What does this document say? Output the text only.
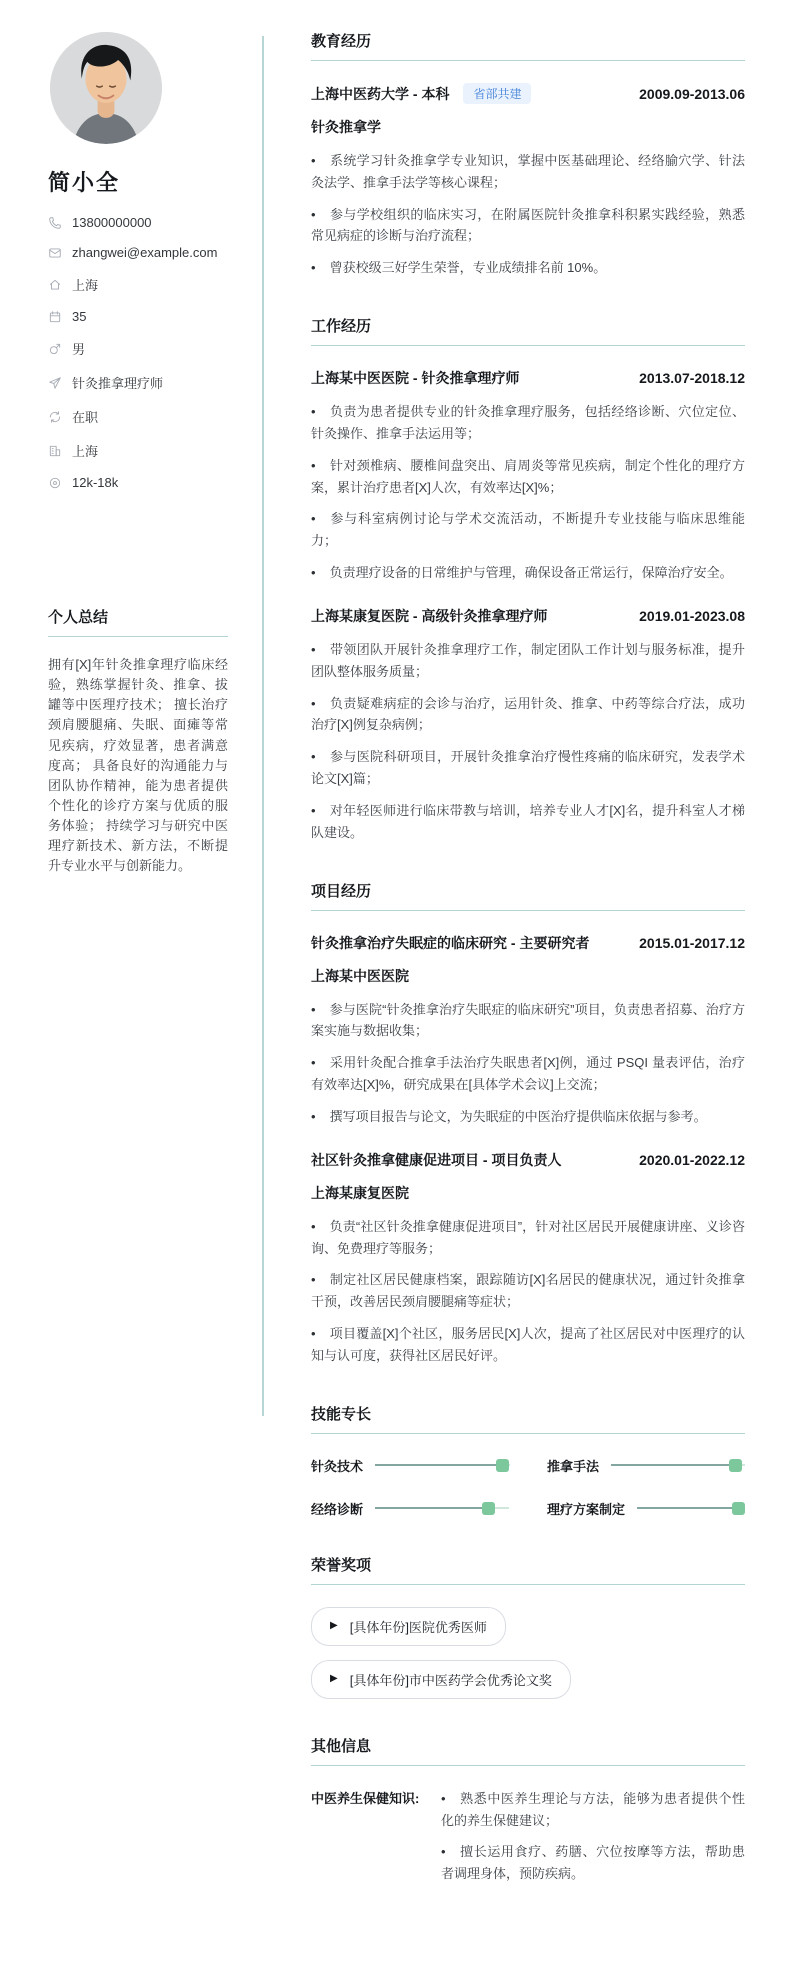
简小全
13800000000
zhangwei@example.com
上海
35
男
针灸推拿理疗师
在职
上海
12k-18k
个人总结

拥有[X]年针灸推拿理疗临床经验，熟练掌握针灸、推拿、拔罐等中医理疗技术； 擅长治疗颈肩腰腿痛、失眠、面瘫等常见疾病，疗效显著，患者满意度高； 具备良好的沟通能力与团队协作精神，能为患者提供个性化的诊疗方案与优质的服务体验； 持续学习与研究中医理疗新技术、新方法，不断提升专业水平与创新能力。

教育经历
上海中医药大学 - 本科	省部共建	2009.09-2013.06
针灸推拿学

• 系统学习针灸推拿学专业知识，掌握中医基础理论、经络腧穴学、针法灸法学、推拿手法学等核心课程；

• 参与学校组织的临床实习，在附属医院针灸推拿科积累实践经验，熟悉常见病症的诊断与治疗流程；

• 曾获校级三好学生荣誉，专业成绩排名前 10%。

工作经历
上海某中医医院 - 针灸推拿理疗师	2013.07-2018.12

• 负责为患者提供专业的针灸推拿理疗服务，包括经络诊断、穴位定位、针灸操作、推拿手法运用等；

• 针对颈椎病、腰椎间盘突出、肩周炎等常见疾病，制定个性化的理疗方案，累计治疗患者[X]人次，有效率达[X]%；

• 参与科室病例讨论与学术交流活动，不断提升专业技能与临床思维能力；

• 负责理疗设备的日常维护与管理，确保设备正常运行，保障治疗安全。

上海某康复医院 - 高级针灸推拿理疗师	2019.01-2023.08

• 带领团队开展针灸推拿理疗工作，制定团队工作计划与服务标准，提升团队整体服务质量；

• 负责疑难病症的会诊与治疗，运用针灸、推拿、中药等综合疗法，成功治疗[X]例复杂病例；

• 参与医院科研项目，开展针灸推拿治疗慢性疼痛的临床研究，发表学术论文[X]篇；

• 对年轻医师进行临床带教与培训，培养专业人才[X]名，提升科室人才梯队建设。

项目经历
针灸推拿治疗失眠症的临床研究 - 主要研究者	2015.01-2017.12
上海某中医医院

• 参与医院“针灸推拿治疗失眠症的临床研究”项目，负责患者招募、治疗方案实施与数据收集；

• 采用针灸配合推拿手法治疗失眠患者[X]例，通过 PSQI 量表评估，治疗有效率达[X]%，研究成果在[具体学术会议]上交流；

• 撰写项目报告与论文，为失眠症的中医治疗提供临床依据与参考。

社区针灸推拿健康促进项目 - 项目负责人	2020.01-2022.12
上海某康复医院

• 负责“社区针灸推拿健康促进项目”，针对社区居民开展健康讲座、义诊咨询、免费理疗等服务；

• 制定社区居民健康档案，跟踪随访[X]名居民的健康状况，通过针灸推拿干预，改善居民颈肩腰腿痛等症状；

• 项目覆盖[X]个社区，服务居民[X]人次，提高了社区居民对中医理疗的认知与认可度，获得社区居民好评。

技能专长
针灸技术	推拿手法
经络诊断	理疗方案制定
荣誉奖项
▶
[具体年份]医院优秀医师
▶
[具体年份]市中医药学会优秀论文奖
其他信息
中医养生保健知识:	• 熟悉中医养生理论与方法，能够为患者提供个性化的养生保健建议；

• 擅长运用食疗、药膳、穴位按摩等方法，帮助患者调理身体，预防疾病。
